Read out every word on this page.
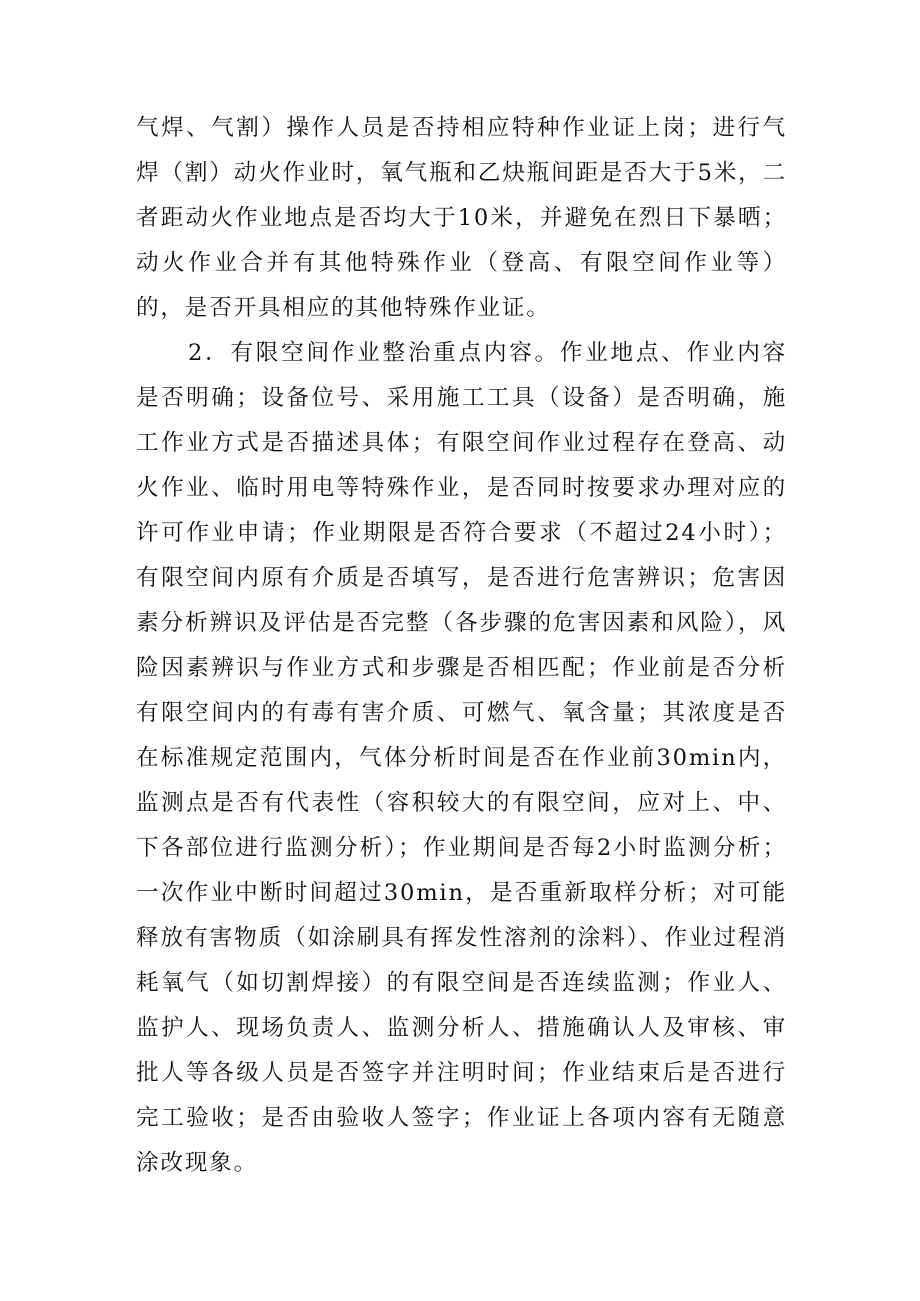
气焊、气割）操作人员是否持相应特种作业证上岗；进行气焊（割）动火作业时，氧气瓶和乙炔瓶间距是否大于5米，二者距动火作业地点是否均大于10米，并避免在烈日下暴晒；动火作业合并有其他特殊作业（登高、有限空间作业等）的，是否开具相应的其他特殊作业证。

2．有限空间作业整治重点内容。作业地点、作业内容是否明确；设备位号、采用施工工具（设备）是否明确，施工作业方式是否描述具体；有限空间作业过程存在登高、动火作业、临时用电等特殊作业，是否同时按要求办理对应的许可作业申请；作业期限是否符合要求（不超过24小时）；有限空间内原有介质是否填写，是否进行危害辨识；危害因素分析辨识及评估是否完整（各步骤的危害因素和风险），风险因素辨识与作业方式和步骤是否相匹配；作业前是否分析有限空间内的有毒有害介质、可燃气、氧含量；其浓度是否在标准规定范围内，气体分析时间是否在作业前30min内，监测点是否有代表性（容积较大的有限空间，应对上、中、下各部位进行监测分析）；作业期间是否每2小时监测分析；一次作业中断时间超过30min，是否重新取样分析；对可能释放有害物质（如涂刷具有挥发性溶剂的涂料）、作业过程消耗氧气（如切割焊接）的有限空间是否连续监测；作业人、监护人、现场负责人、监测分析人、措施确认人及审核、审批人等各级人员是否签字并注明时间；作业结束后是否进行完工验收；是否由验收人签字；作业证上各项内容有无随意涂改现象。
